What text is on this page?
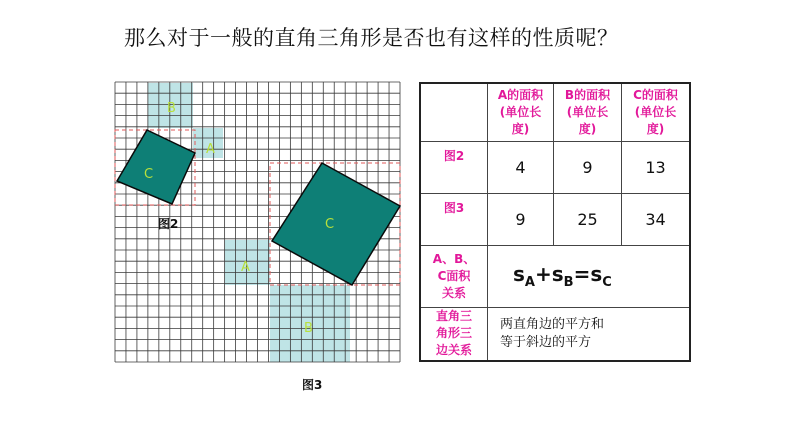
那么对于一般的直角三角形是否也有这样的性质呢？
B
A
C
C
A
B
图2
图3

	A的面积(单位长度)	B的面积(单位长度)	C的面积(单位长度)

图2	4	9	13
图3	9	25	34

A、B、C面积关系	$s_A+s_B=s_C$

直角三角形三边关系	两直角边的平方和
等于斜边的平方		
